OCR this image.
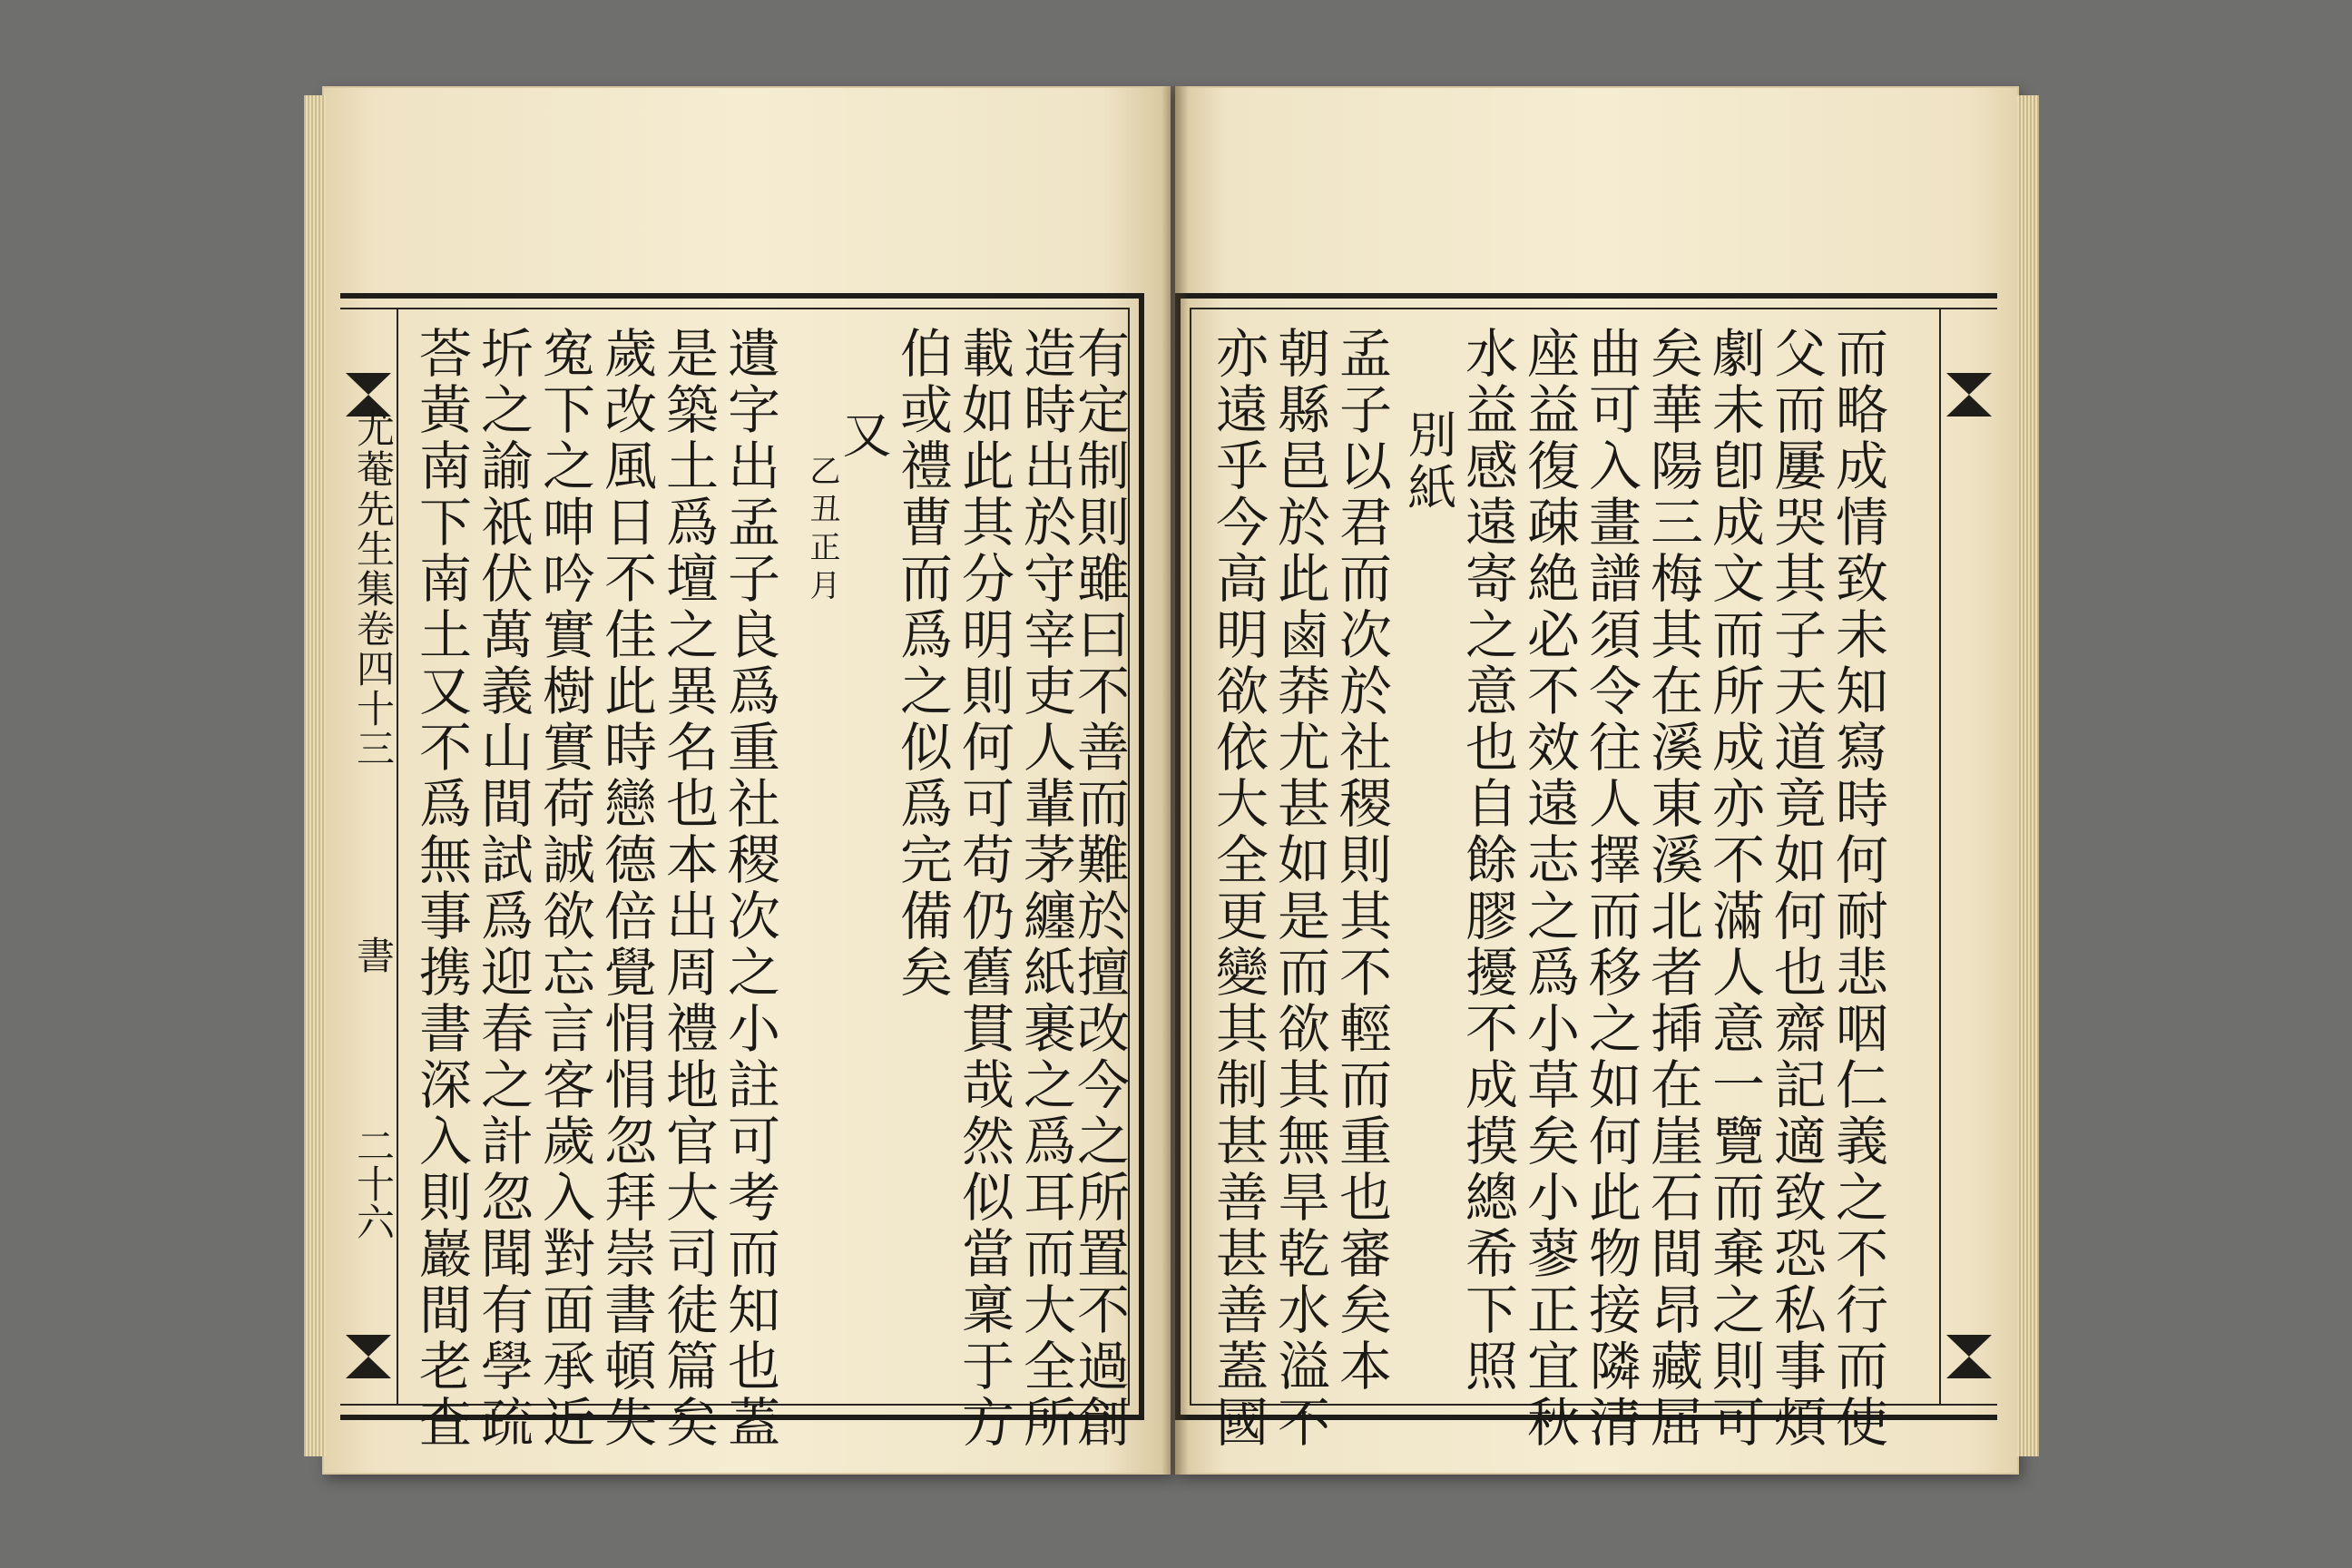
尤菴先生集卷四十三
書
二十六 荅黃南下南土又不爲無事携書深入則巖間老査 圻之諭祇伏萬義山間試爲迎春之計忽聞有學疏 寃下之呻吟實樹實荷誠欲忘言客歲入對面承近 歲改風日不佳此時戀德倍覺悁悁忽拜崇書頓失 是築土爲壇之異名也本出周禮地官大司徒篇矣 遺字出孟子良爲重社稷次之小註可考而知也蓋 乙丑正月
又 伯或禮曹而爲之似爲完備矣 載如此其分明則何可苟仍舊貫哉然似當稟于方 造時出於守宰吏人輩茅纏紙裹之爲耳而大全所
有定制則雖曰不善而難於擅改今之所置不過創 亦遠乎今高明欲依大全更變其制甚善甚善蓋國 朝縣邑於此鹵莽尤甚如是而欲其無旱乾水溢不 孟子以君而次於社稷則其不輕而重也審矣本 別紙 水益感遠寄之意也自餘膠擾不成摸總希下照 座益復疎絶必不效遠志之爲小草矣小蓼正宜秋 曲可入畫譜須令往人擇而移之如何此物接隣清 矣華陽三梅其在溪東溪北者揷在崖石間昂藏屈 劇未卽成文而所成亦不滿人意一覽而棄之則可 父而屢哭其子天道竟如何也齋記適致恐私事煩 而略成情致未知寫時何耐悲咽仁義之不行而使
